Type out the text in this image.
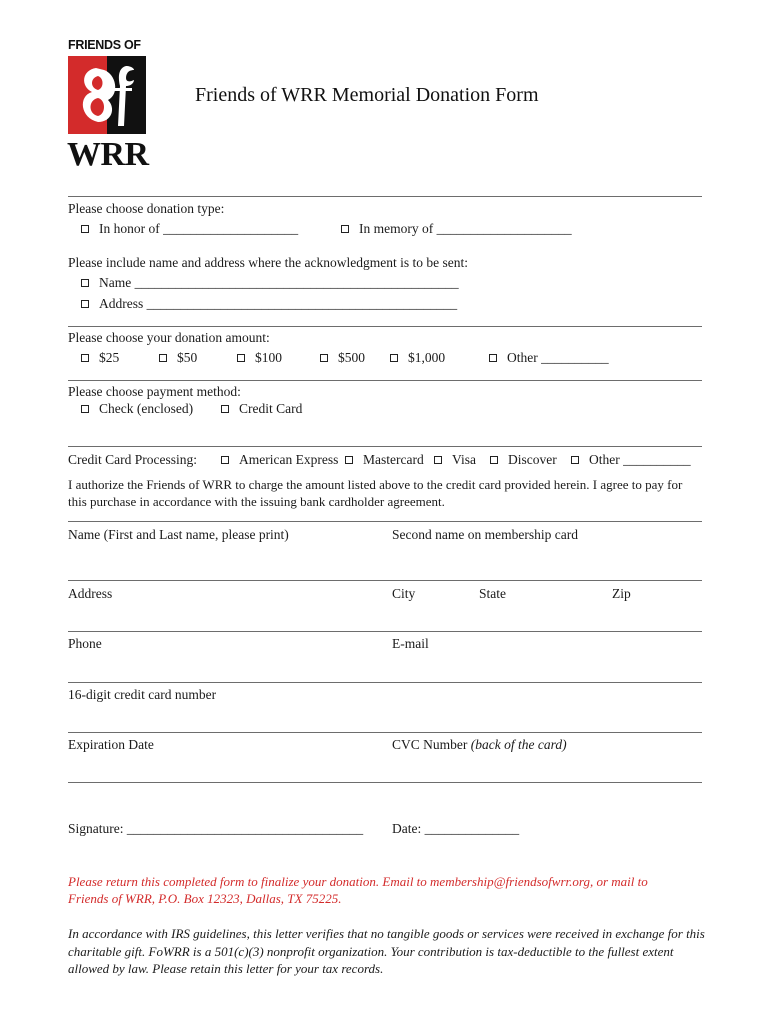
FRIENDS OF
WRR
Friends of WRR Memorial Donation Form
Please choose donation type:
In honor of ____________________	In memory of ____________________
Please include name and address where the acknowledgment is to be sent:
Name ________________________________________________
Address ______________________________________________
Please choose your donation amount:
$25	$50	$100	$500	$1,000	Other __________
Please choose payment method:
Check (enclosed)	Credit Card
Credit Card Processing:	American Express Mastercard Visa Discover Other __________
I authorize the Friends of WRR to charge the amount listed above to the credit card provided herein. I agree to pay for
this purchase in accordance with the issuing bank cardholder agreement.
Name (First and Last name, please print)	Second name on membership card
Address	City	State	Zip
Phone	E-mail
16-digit credit card number
Expiration Date	CVC Number (back of the card)
Signature: ___________________________________ Date: ______________
Please return this completed form to finalize your donation. Email to membership@friendsofwrr.org, or mail to
Friends of WRR, P.O. Box 12323, Dallas, TX 75225.
In accordance with IRS guidelines, this letter verifies that no tangible goods or services were received in exchange for this
charitable gift. FoWRR is a 501(c)(3) nonprofit organization. Your contribution is tax-deductible to the fullest extent
allowed by law. Please retain this letter for your tax records.
